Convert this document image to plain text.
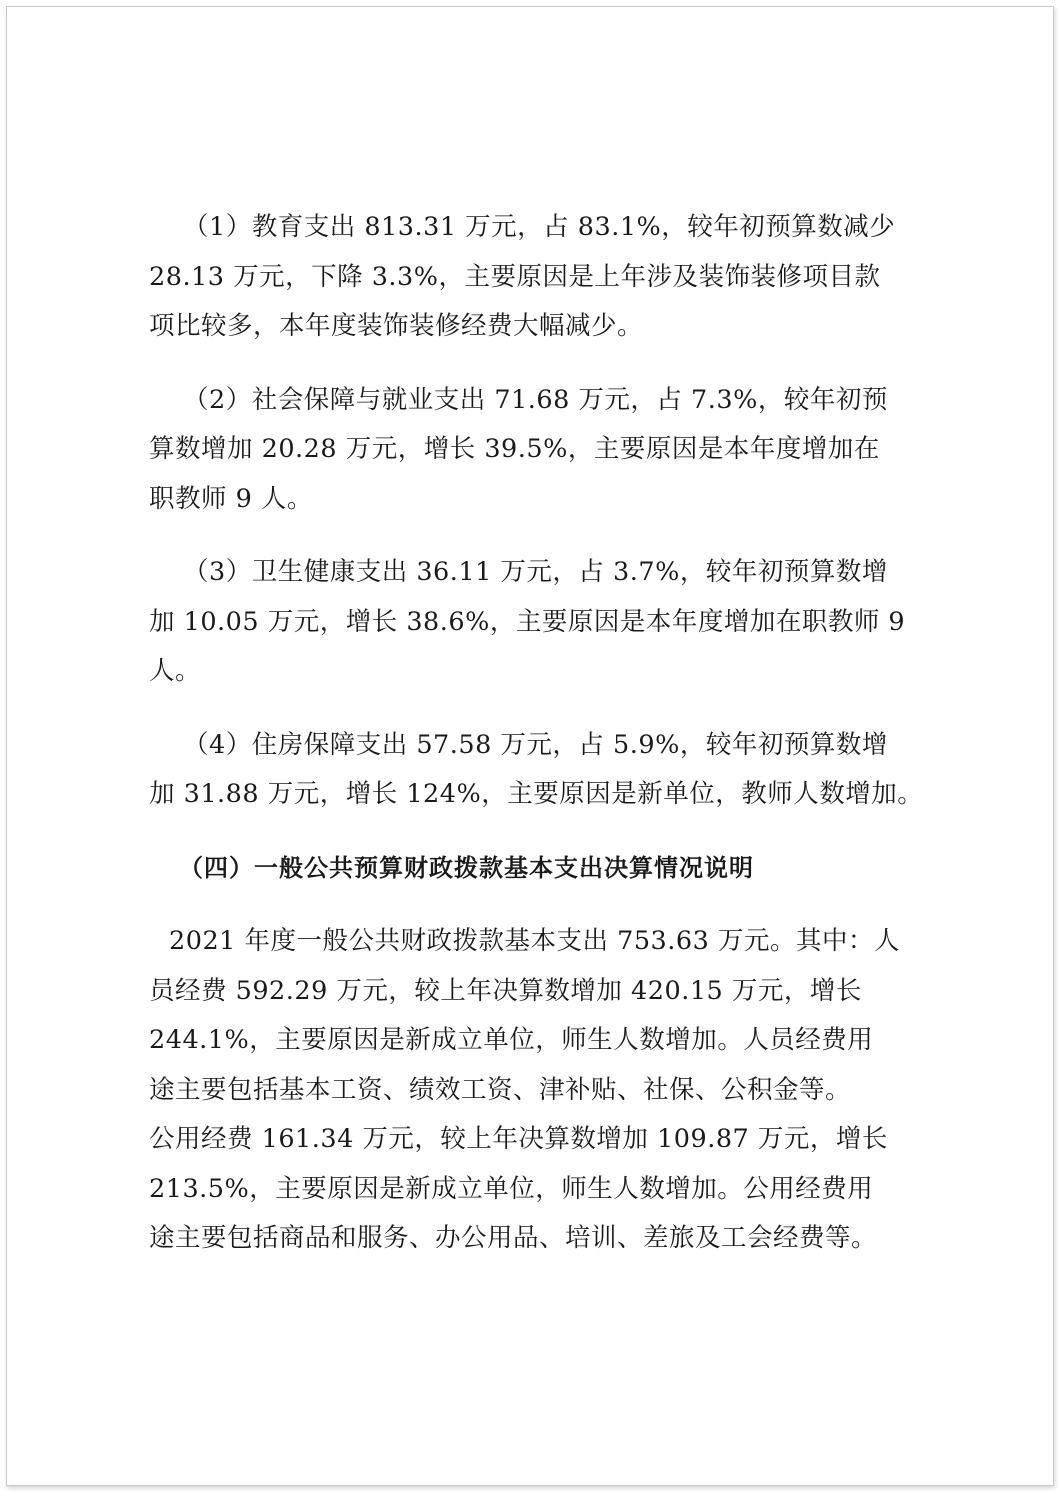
（1）教育支出 813.31 万元，占 83.1%，较年初预算数减少
28.13 万元，下降 3.3%，主要原因是上年涉及装饰装修项目款
项比较多，本年度装饰装修经费大幅减少。

（2）社会保障与就业支出 71.68 万元，占 7.3%，较年初预
算数增加 20.28 万元，增长 39.5%，主要原因是本年度增加在
职教师 9 人。

（3）卫生健康支出 36.11 万元，占 3.7%，较年初预算数增
加 10.05 万元，增长 38.6%，主要原因是本年度增加在职教师 9
人。

（4）住房保障支出 57.58 万元，占 5.9%，较年初预算数增
加 31.88 万元，增长 124%，主要原因是新单位，教师人数增加。

（四）一般公共预算财政拨款基本支出决算情况说明

2021 年度一般公共财政拨款基本支出 753.63 万元。其中：人
员经费 592.29 万元，较上年决算数增加 420.15 万元，增长
244.1%，主要原因是新成立单位，师生人数增加。人员经费用
途主要包括基本工资、绩效工资、津补贴、社保、公积金等。
公用经费 161.34 万元，较上年决算数增加 109.87 万元，增长
213.5%，主要原因是新成立单位，师生人数增加。公用经费用
途主要包括商品和服务、办公用品、培训、差旅及工会经费等。
